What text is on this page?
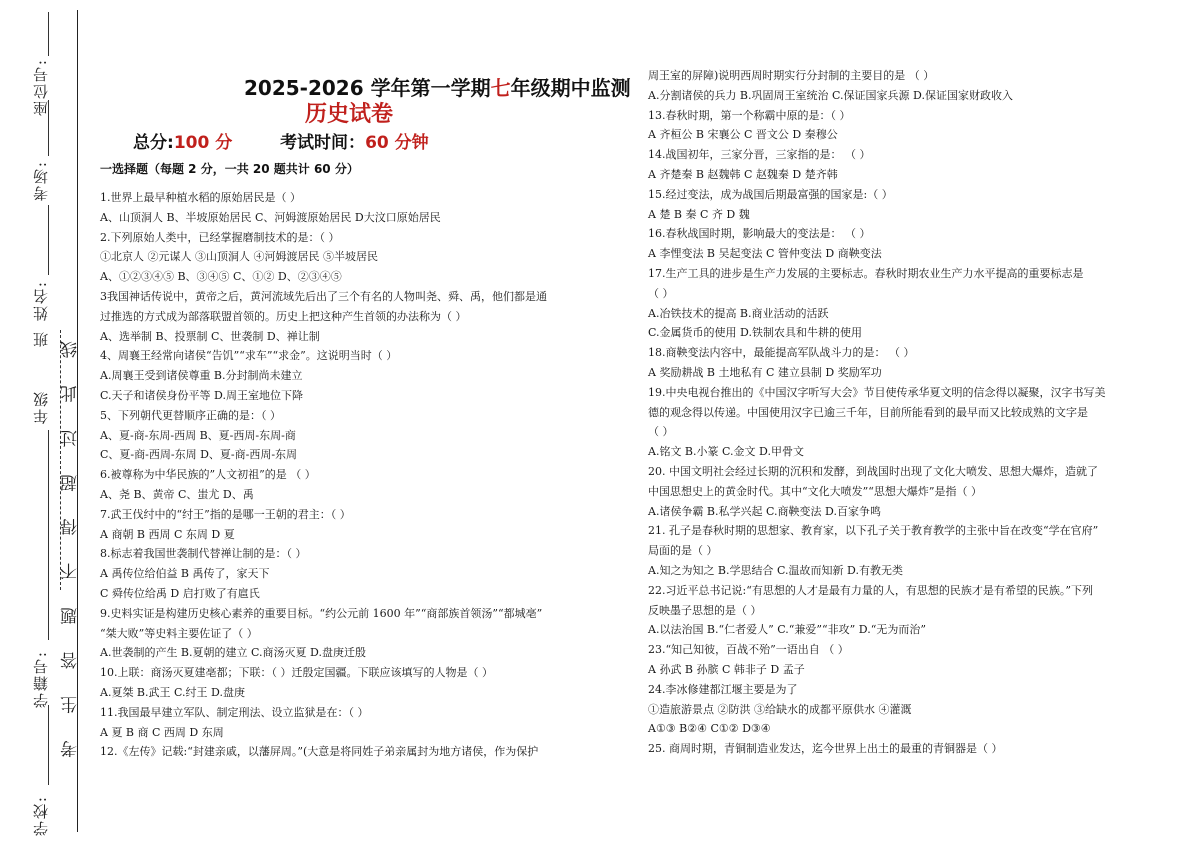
座位号:
考场:
姓名:
班
年级
学籍号:
学校:
考 生 答 题 不 得 超 过 此 线
2025-2026 学年第一学期七年级期中监测
历史试卷
总分:100 分	考试时间：60 分钟
一选择题（每题 2 分，一共 20 题共计 60 分）
1.世界上最早种植水稻的原始居民是（ ）
A、山顶洞人 B、半坡原始居民 C、河姆渡原始居民 D大汶口原始居民
2.下列原始人类中，已经掌握磨制技术的是：（ ）
①北京人 ②元谋人 ③山顶洞人 ④河姆渡居民 ⑤半坡居民
A、①②③④⑤ B、③④⑤ C、①② D、②③④⑤
3我国神话传说中，黄帝之后，黄河流域先后出了三个有名的人物叫尧、舜、禹，他们都是通
过推选的方式成为部落联盟首领的。历史上把这种产生首领的办法称为（ ）
A、选举制 B、投票制 C、世袭制 D、禅让制
4、周襄王经常向诸侯“告饥”“求车”“求金”。这说明当时（ ）
A.周襄王受到诸侯尊重 B.分封制尚未建立
C.天子和诸侯身份平等 D.周王室地位下降
5、下列朝代更替顺序正确的是：（ ）
A、夏-商-东周-西周 B、夏-西周-东周-商
C、夏-商-西周-东周 D、夏-商-西周-东周
6.被尊称为中华民族的”人文初祖”的是 （ ）
A、尧 B、黄帝 C、蚩尤 D、禹
7.武王伐纣中的“纣王”指的是哪一王朝的君主：（ ）
A 商朝 B 西周 C 东周 D 夏
8.标志着我国世袭制代替禅让制的是：（ ）
A 禹传位给伯益 B 禹传了，家天下
C 舜传位给禹 D 启打败了有扈氏
9.史料实证是构建历史核心素养的重要目标。“约公元前 1600 年”“商部族首领汤”“都城亳”
“桀大败”等史料主要佐证了（ ）
A.世袭制的产生 B.夏朝的建立 C.商汤灭夏 D.盘庚迁殷
10.上联：商汤灭夏建亳都；下联：（ ）迁殷定国疆。下联应该填写的人物是（ ）
A.夏桀 B.武王 C.纣王 D.盘庚
11.我国最早建立军队、制定刑法、设立监狱是在：（ ）
A 夏 B 商 C 西周 D 东周
12.《左传》记载:“封建亲戚，以藩屏周。”(大意是将同姓子弟亲属封为地方诸侯，作为保护
周王室的屏障)说明西周时期实行分封制的主要目的是 （ ）
A.分割诸侯的兵力 B.巩固周王室统治 C.保证国家兵源 D.保证国家财政收入
13.春秋时期，第一个称霸中原的是：（ ）
A 齐桓公 B 宋襄公 C 晋文公 D 秦穆公
14.战国初年，三家分晋，三家指的是： （ ）
A 齐楚秦 B 赵魏韩 C 赵魏秦 D 楚齐韩
15.经过变法，成为战国后期最富强的国家是:（ ）
A 楚 B 秦 C 齐 D 魏
16.春秋战国时期，影响最大的变法是： （ ）
A 李悝变法 B 吴起变法 C 管仲变法 D 商鞅变法
17.生产工具的进步是生产力发展的主要标志。春秋时期农业生产力水平提高的重要标志是
（ ）
A.冶铁技术的提高 B.商业活动的活跃
C.金属货币的使用 D.铁制农具和牛耕的使用
18.商鞅变法内容中，最能提高军队战斗力的是： （ ）
A 奖励耕战 B 土地私有 C 建立县制 D 奖励军功
19.中央电视台推出的《中国汉字听写大会》节目使传承华夏文明的信念得以凝聚，汉字书写美
德的观念得以传递。中国使用汉字已逾三千年，目前所能看到的最早而又比较成熟的文字是
（ ）
A.铭文 B.小篆 C.金文 D.甲骨文
20. 中国文明社会经过长期的沉积和发酵，到战国时出现了文化大喷发、思想大爆炸，造就了
中国思想史上的黄金时代。其中“文化大喷发”“思想大爆炸”是指（ ）
A.诸侯争霸 B.私学兴起 C.商鞅变法 D.百家争鸣
21. 孔子是春秋时期的思想家、教育家，以下孔子关于教育教学的主张中旨在改变“学在官府”
局面的是（ ）
A.知之为知之 B.学思结合 C.温故而知新 D.有教无类
22.习近平总书记说:“有思想的人才是最有力量的人，有思想的民族才是有希望的民族。”下列
反映墨子思想的是（ ）
A.以法治国 B.“仁者爱人” C.“兼爱”“非攻” D.“无为而治”
23.“知己知彼，百战不殆”一语出自 （ ）
A 孙武 B 孙膑 C 韩非子 D 孟子
24.李冰修建都江堰主要是为了
①造旅游景点 ②防洪 ③给缺水的成都平原供水 ④灌溉
A①③ B②④ C①② D③④
25. 商周时期，青铜制造业发达，迄今世界上出土的最重的青铜器是（ ）
